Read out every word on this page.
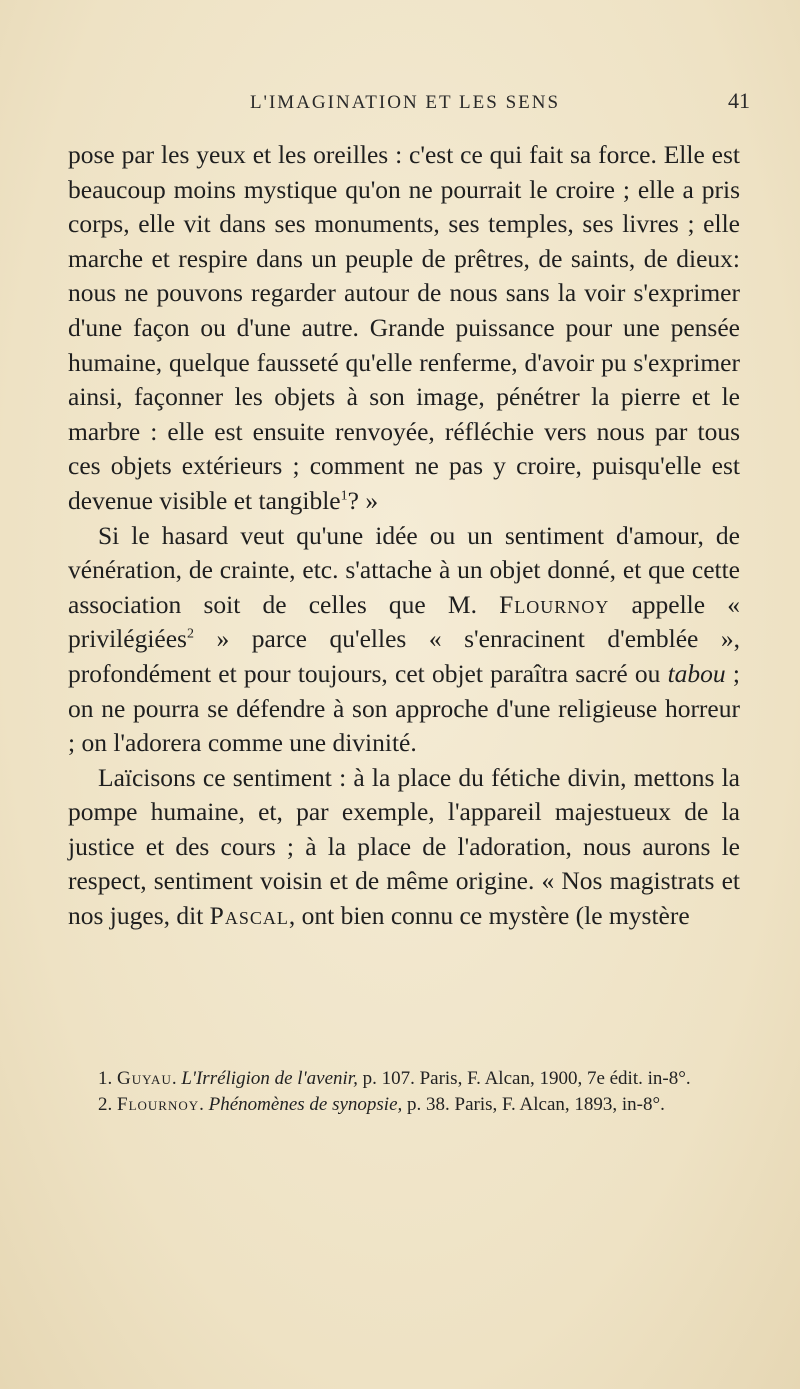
L'IMAGINATION ET LES SENS	41

pose par les yeux et les oreilles : c'est ce qui fait sa force. Elle est beaucoup moins mystique qu'on ne pourrait le croire ; elle a pris corps, elle vit dans ses monuments, ses temples, ses livres ; elle marche et respire dans un peuple de prêtres, de saints, de dieux: nous ne pouvons regarder autour de nous sans la voir s'exprimer d'une façon ou d'une autre. Grande puissance pour une pensée humaine, quelque fausseté qu'elle renferme, d'avoir pu s'exprimer ainsi, façonner les objets à son image, pénétrer la pierre et le marbre : elle est ensuite renvoyée, réfléchie vers nous par tous ces objets extérieurs ; comment ne pas y croire, puisqu'elle est devenue visible et tangible$^1$? »

Si le hasard veut qu'une idée ou un sentiment d'amour, de vénération, de crainte, etc. s'attache à un objet donné, et que cette association soit de celles que M. Flournoy appelle « privilégiées$^2$ » parce qu'elles « s'enracinent d'emblée », profondément et pour toujours, cet objet paraîtra sacré ou tabou ; on ne pourra se défendre à son approche d'une religieuse horreur ; on l'adorera comme une divinité.

Laïcisons ce sentiment : à la place du fétiche divin, mettons la pompe humaine, et, par exemple, l'appareil majestueux de la justice et des cours ; à la place de l'adoration, nous aurons le respect, sentiment voisin et de même origine. « Nos magistrats et nos juges, dit Pascal, ont bien connu ce mystère (le mystère

1. Guyau. L'Irréligion de l'avenir, p. 107. Paris, F. Alcan, 1900, 7e édit. in-8°.

2. Flournoy. Phénomènes de synopsie, p. 38. Paris, F. Alcan, 1893, in-8°.
